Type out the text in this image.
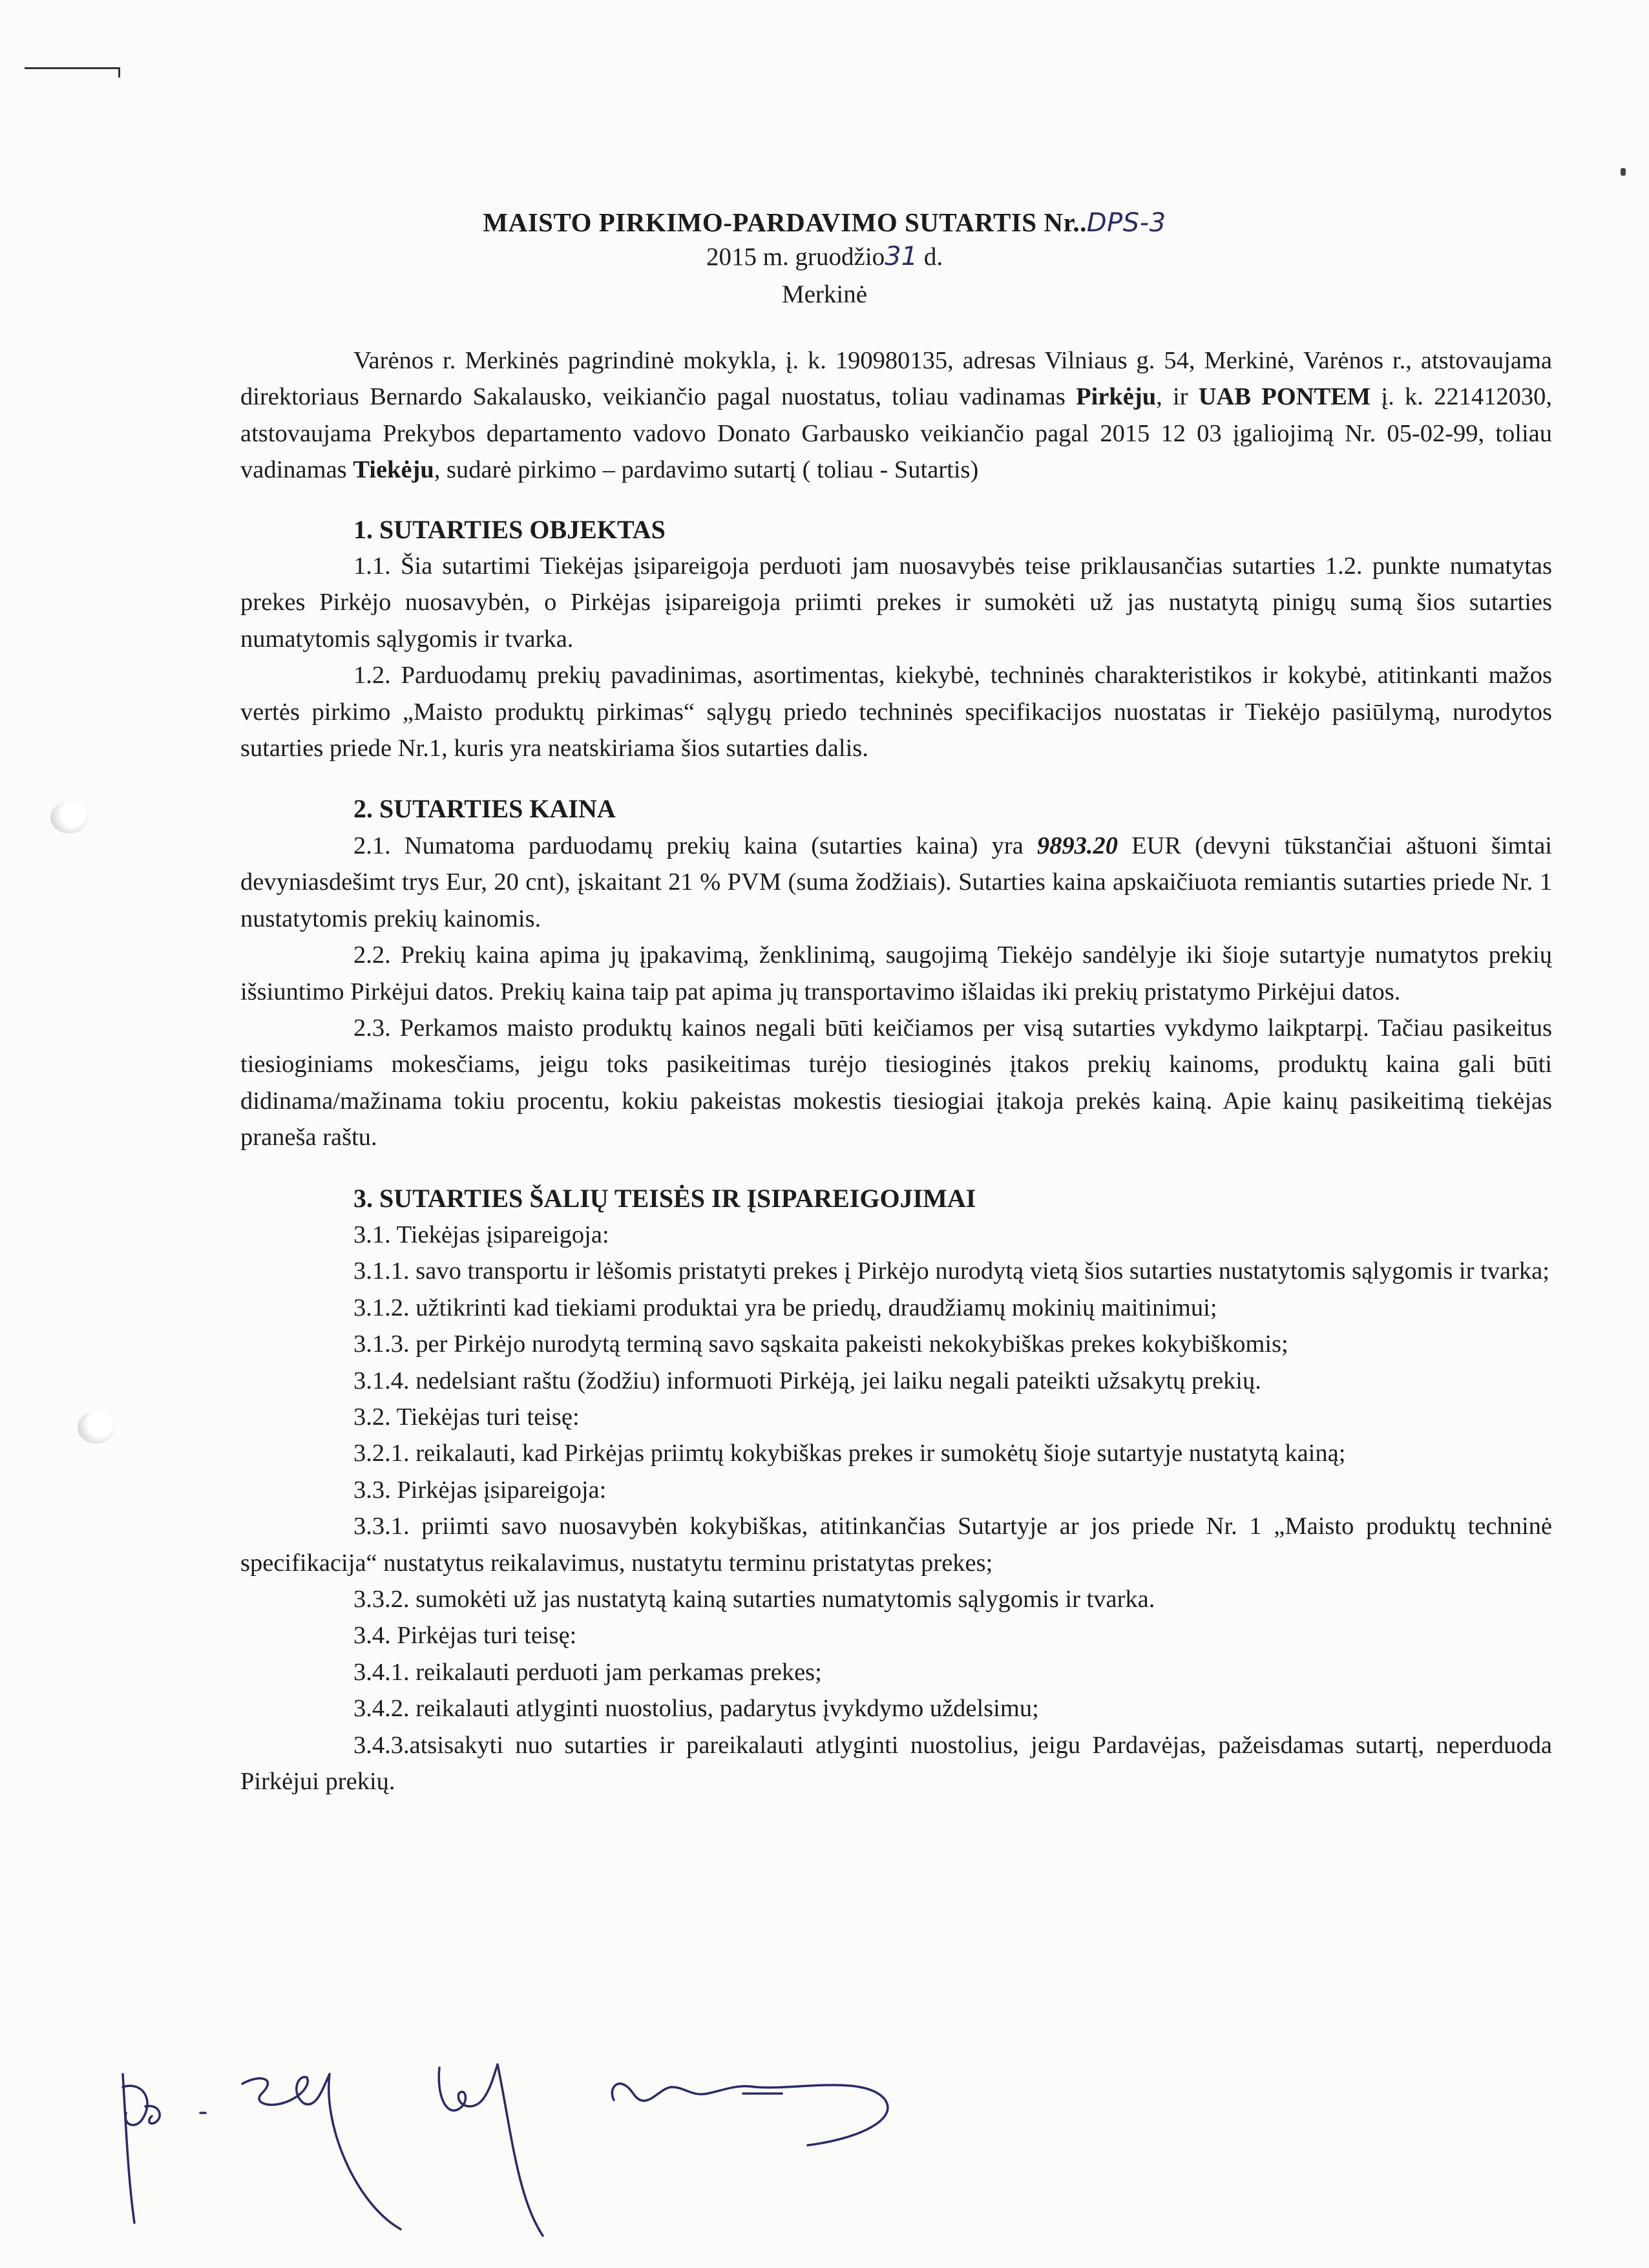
MAISTO PIRKIMO-PARDAVIMO SUTARTIS Nr..DPS-3
2015 m. gruodžio31 d.
Merkinė

Varėnos r. Merkinės pagrindinė mokykla, į. k. 190980135, adresas Vilniaus g. 54, Merkinė, Varėnos r., atstovaujama direktoriaus Bernardo Sakalausko, veikiančio pagal nuostatus, toliau vadinamas Pirkėju, ir UAB PONTEM į. k. 221412030, atstovaujama Prekybos departamento vadovo Donato Garbausko veikiančio pagal 2015 12 03 įgaliojimą Nr. 05-02-99, toliau vadinamas Tiekėju, sudarė pirkimo – pardavimo sutartį ( toliau - Sutartis)

1. SUTARTIES OBJEKTAS

1.1. Šia sutartimi Tiekėjas įsipareigoja perduoti jam nuosavybės teise priklausančias sutarties 1.2. punkte numatytas prekes Pirkėjo nuosavybėn, o Pirkėjas įsipareigoja priimti prekes ir sumokėti už jas nustatytą pinigų sumą šios sutarties numatytomis sąlygomis ir tvarka.

1.2. Parduodamų prekių pavadinimas, asortimentas, kiekybė, techninės charakteristikos ir kokybė, atitinkanti mažos vertės pirkimo „Maisto produktų pirkimas“ sąlygų priedo techninės specifikacijos nuostatas ir Tiekėjo pasiūlymą, nurodytos sutarties priede Nr.1, kuris yra neatskiriama šios sutarties dalis.

2. SUTARTIES KAINA

2.1. Numatoma parduodamų prekių kaina (sutarties kaina) yra 9893.20 EUR (devyni tūkstančiai aštuoni šimtai devyniasdešimt trys Eur, 20 cnt), įskaitant 21 % PVM (suma žodžiais). Sutarties kaina apskaičiuota remiantis sutarties priede Nr. 1 nustatytomis prekių kainomis.

2.2. Prekių kaina apima jų įpakavimą, ženklinimą, saugojimą Tiekėjo sandėlyje iki šioje sutartyje numatytos prekių išsiuntimo Pirkėjui datos. Prekių kaina taip pat apima jų transportavimo išlaidas iki prekių pristatymo Pirkėjui datos.

2.3. Perkamos maisto produktų kainos negali būti keičiamos per visą sutarties vykdymo laikptarpį. Tačiau pasikeitus tiesioginiams mokesčiams, jeigu toks pasikeitimas turėjo tiesioginės įtakos prekių kainoms, produktų kaina gali būti didinama/mažinama tokiu procentu, kokiu pakeistas mokestis tiesiogiai įtakoja prekės kainą. Apie kainų pasikeitimą tiekėjas praneša raštu.

3. SUTARTIES ŠALIŲ TEISĖS IR ĮSIPAREIGOJIMAI

3.1. Tiekėjas įsipareigoja:

3.1.1. savo transportu ir lėšomis pristatyti prekes į Pirkėjo nurodytą vietą šios sutarties nustatytomis sąlygomis ir tvarka;

3.1.2. užtikrinti kad tiekiami produktai yra be priedų, draudžiamų mokinių maitinimui;

3.1.3. per Pirkėjo nurodytą terminą savo sąskaita pakeisti nekokybiškas prekes kokybiškomis;

3.1.4. nedelsiant raštu (žodžiu) informuoti Pirkėją, jei laiku negali pateikti užsakytų prekių.

3.2. Tiekėjas turi teisę:

3.2.1. reikalauti, kad Pirkėjas priimtų kokybiškas prekes ir sumokėtų šioje sutartyje nustatytą kainą;

3.3. Pirkėjas įsipareigoja:

3.3.1. priimti savo nuosavybėn kokybiškas, atitinkančias Sutartyje ar jos priede Nr. 1 „Maisto produktų techninė specifikacija“ nustatytus reikalavimus, nustatytu terminu pristatytas prekes;

3.3.2. sumokėti už jas nustatytą kainą sutarties numatytomis sąlygomis ir tvarka.

3.4. Pirkėjas turi teisę:

3.4.1. reikalauti perduoti jam perkamas prekes;

3.4.2. reikalauti atlyginti nuostolius, padarytus įvykdymo uždelsimu;

3.4.3.atsisakyti nuo sutarties ir pareikalauti atlyginti nuostolius, jeigu Pardavėjas, pažeisdamas sutartį, neperduoda Pirkėjui prekių.
